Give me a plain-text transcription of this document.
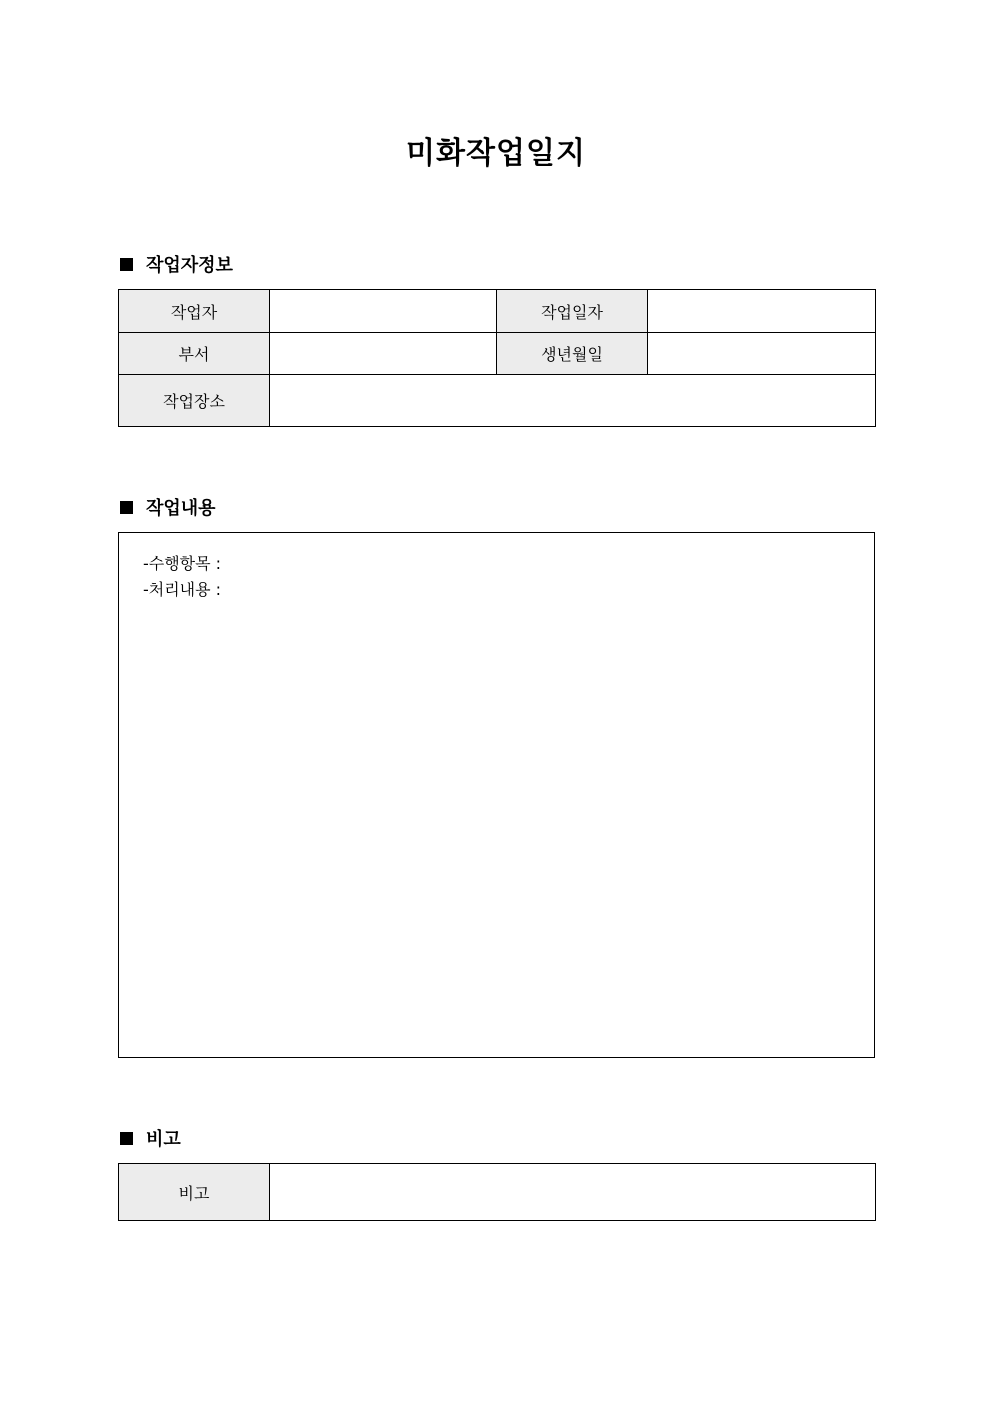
미화작업일지
작업자정보
작업자		작업일자	
부서		생년월일	
작업장소			
작업내용
-수행항목 :
-처리내용 :
비고
비고	
